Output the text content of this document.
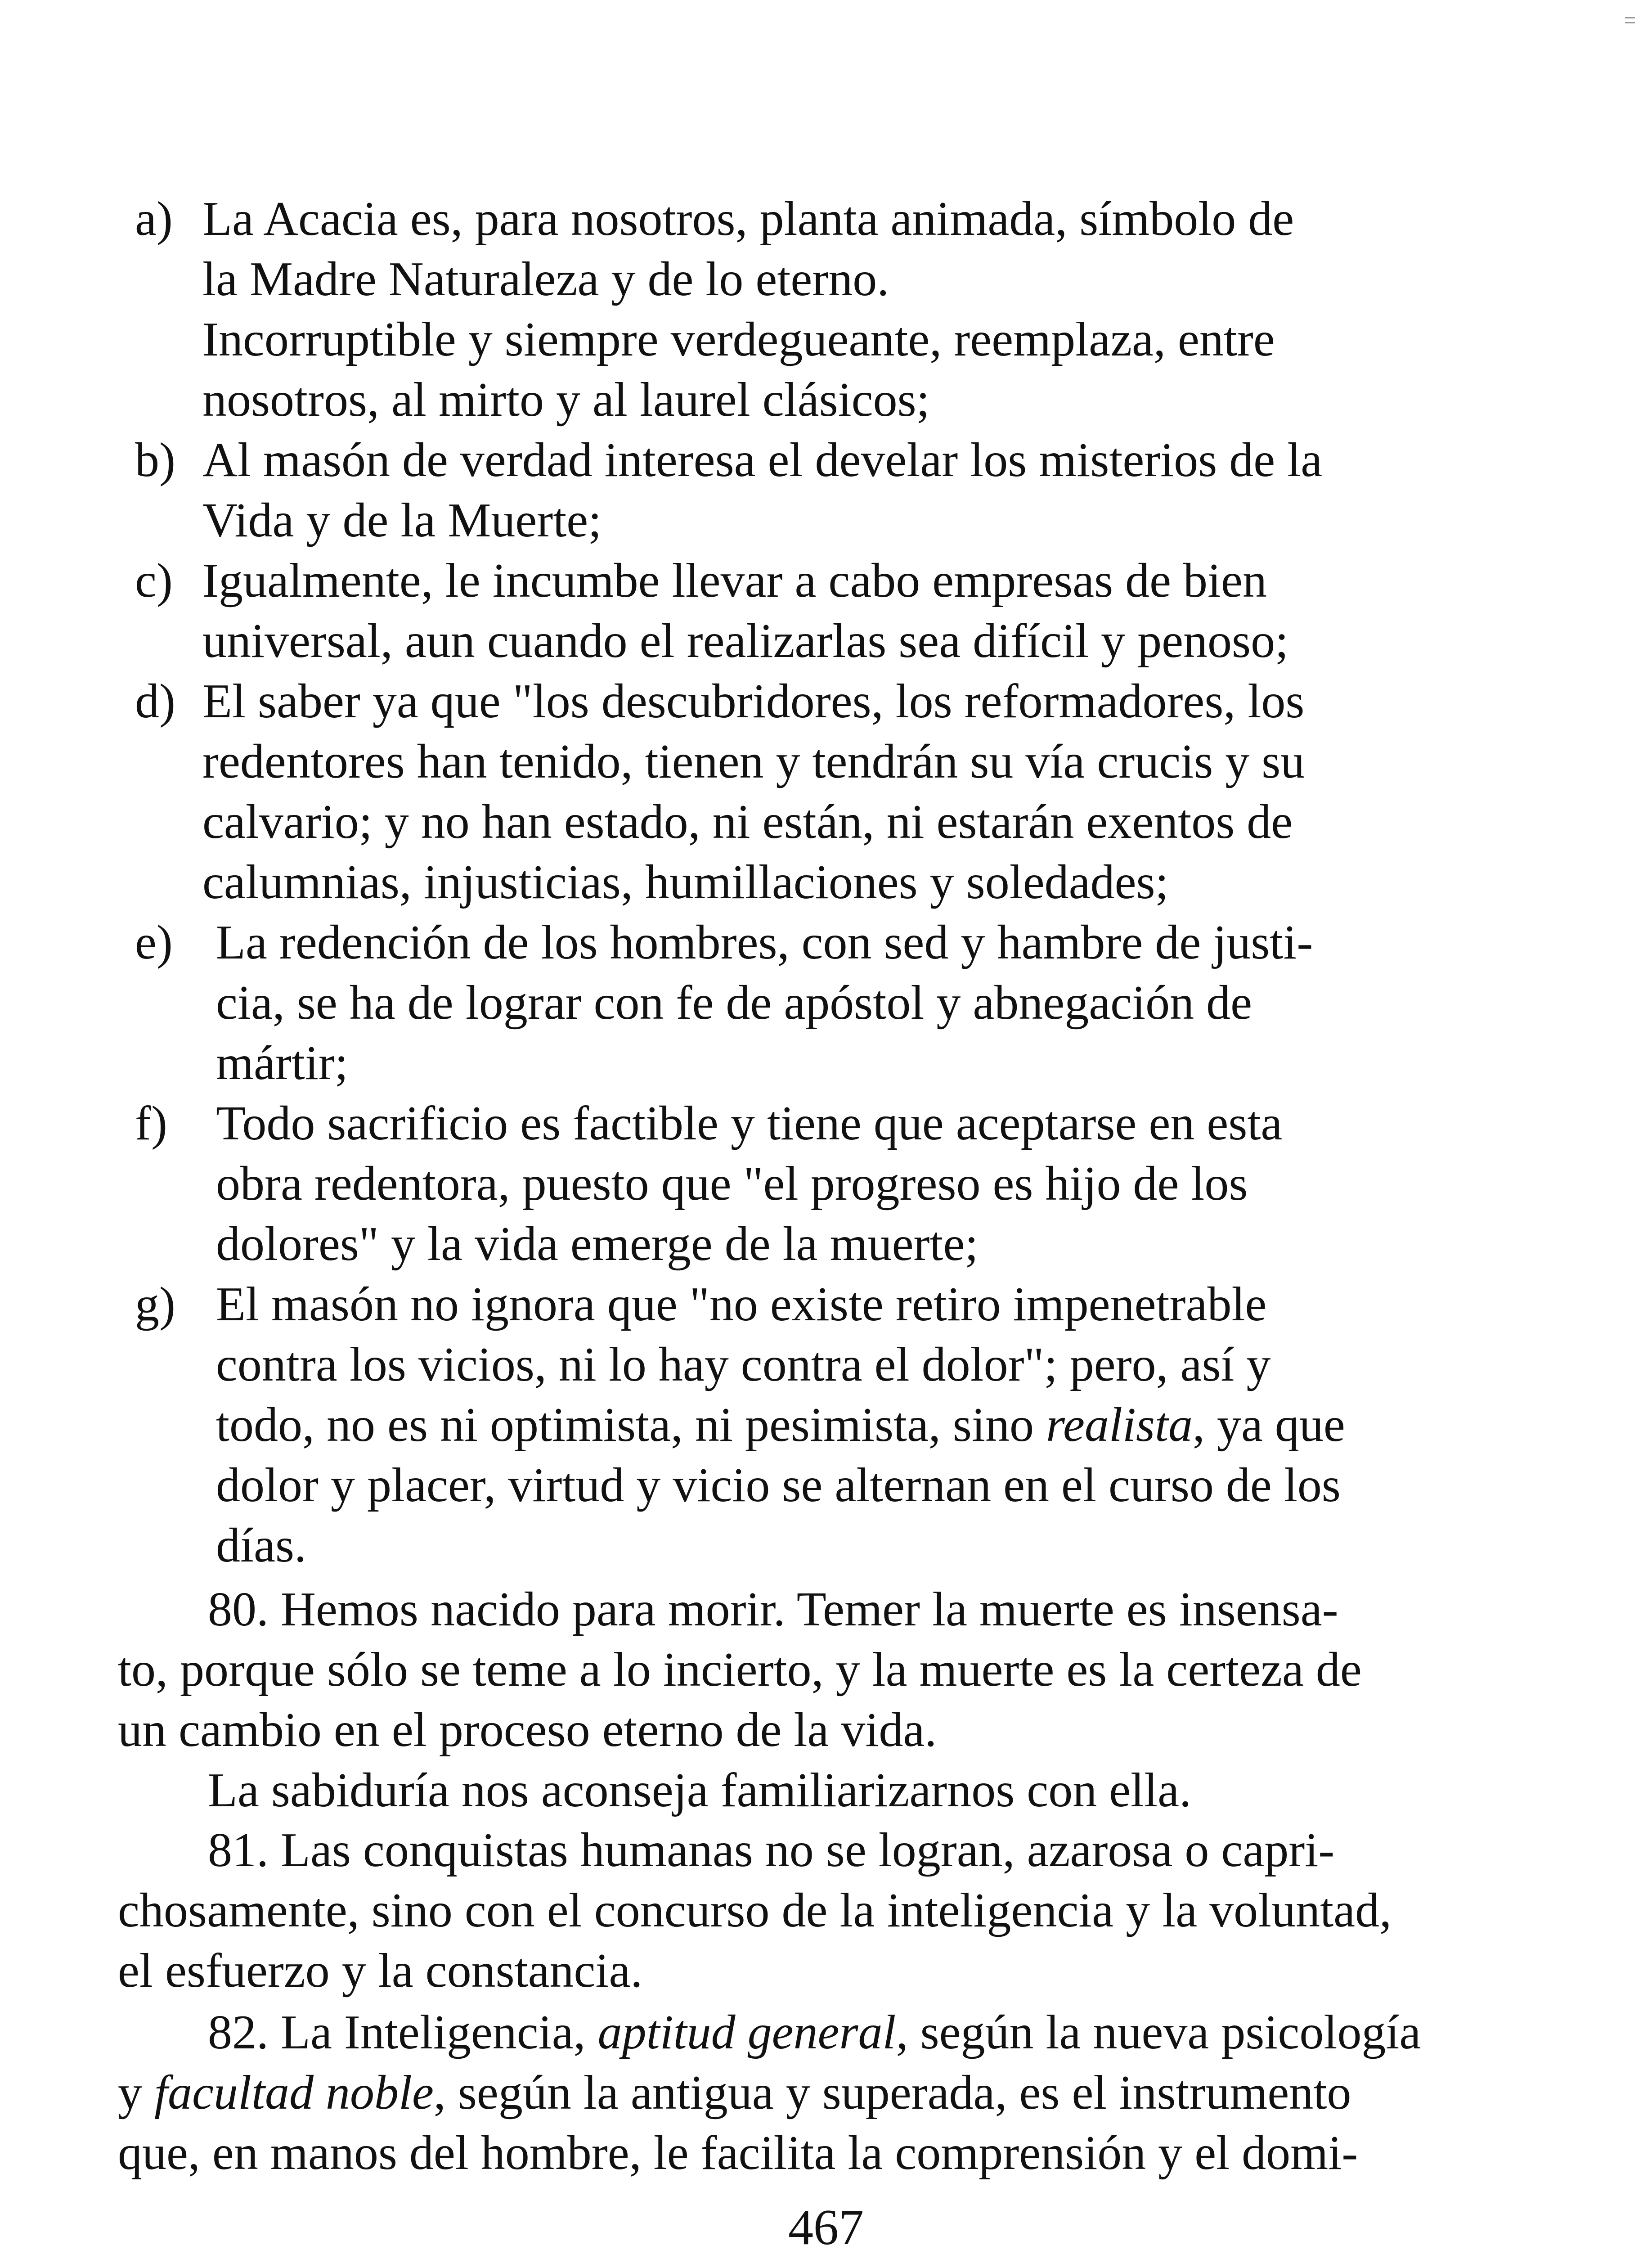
a) La Acacia es, para nosotros, planta animada, símbolo de
la Madre Naturaleza y de lo eterno.
Incorruptible y siempre verdegueante, reemplaza, entre
nosotros, al mirto y al laurel clásicos;
b) Al masón de verdad interesa el develar los misterios de la
Vida y de la Muerte;
c) Igualmente, le incumbe llevar a cabo empresas de bien
universal, aun cuando el realizarlas sea difícil y penoso;
d) El saber ya que "los descubridores, los reformadores, los
redentores han tenido, tienen y tendrán su vía crucis y su
calvario; y no han estado, ni están, ni estarán exentos de
calumnias, injusticias, humillaciones y soledades;
e) La redención de los hombres, con sed y hambre de justi-
cia, se ha de lograr con fe de apóstol y abnegación de
mártir;
f)	Todo sacrificio es factible y tiene que aceptarse en esta
obra redentora, puesto que "el progreso es hijo de los
dolores" y la vida emerge de la muerte;
g) El masón no ignora que "no existe retiro impenetrable
contra los vicios, ni lo hay contra el dolor"; pero, así y
todo, no es ni optimista, ni pesimista, sino realista, ya que
dolor y placer, virtud y vicio se alternan en el curso de los
días.
80. Hemos nacido para morir. Temer la muerte es insensa-
to, porque sólo se teme a lo incierto, y la muerte es la certeza de
un cambio en el proceso eterno de la vida.
La sabiduría nos aconseja familiarizarnos con ella.
81. Las conquistas humanas no se logran, azarosa o capri-
chosamente, sino con el concurso de la inteligencia y la voluntad,
el esfuerzo y la constancia.
82. La Inteligencia, aptitud general, según la nueva psicología
y facultad noble, según la antigua y superada, es el instrumento
que, en manos del hombre, le facilita la comprensión y el domi-
467
